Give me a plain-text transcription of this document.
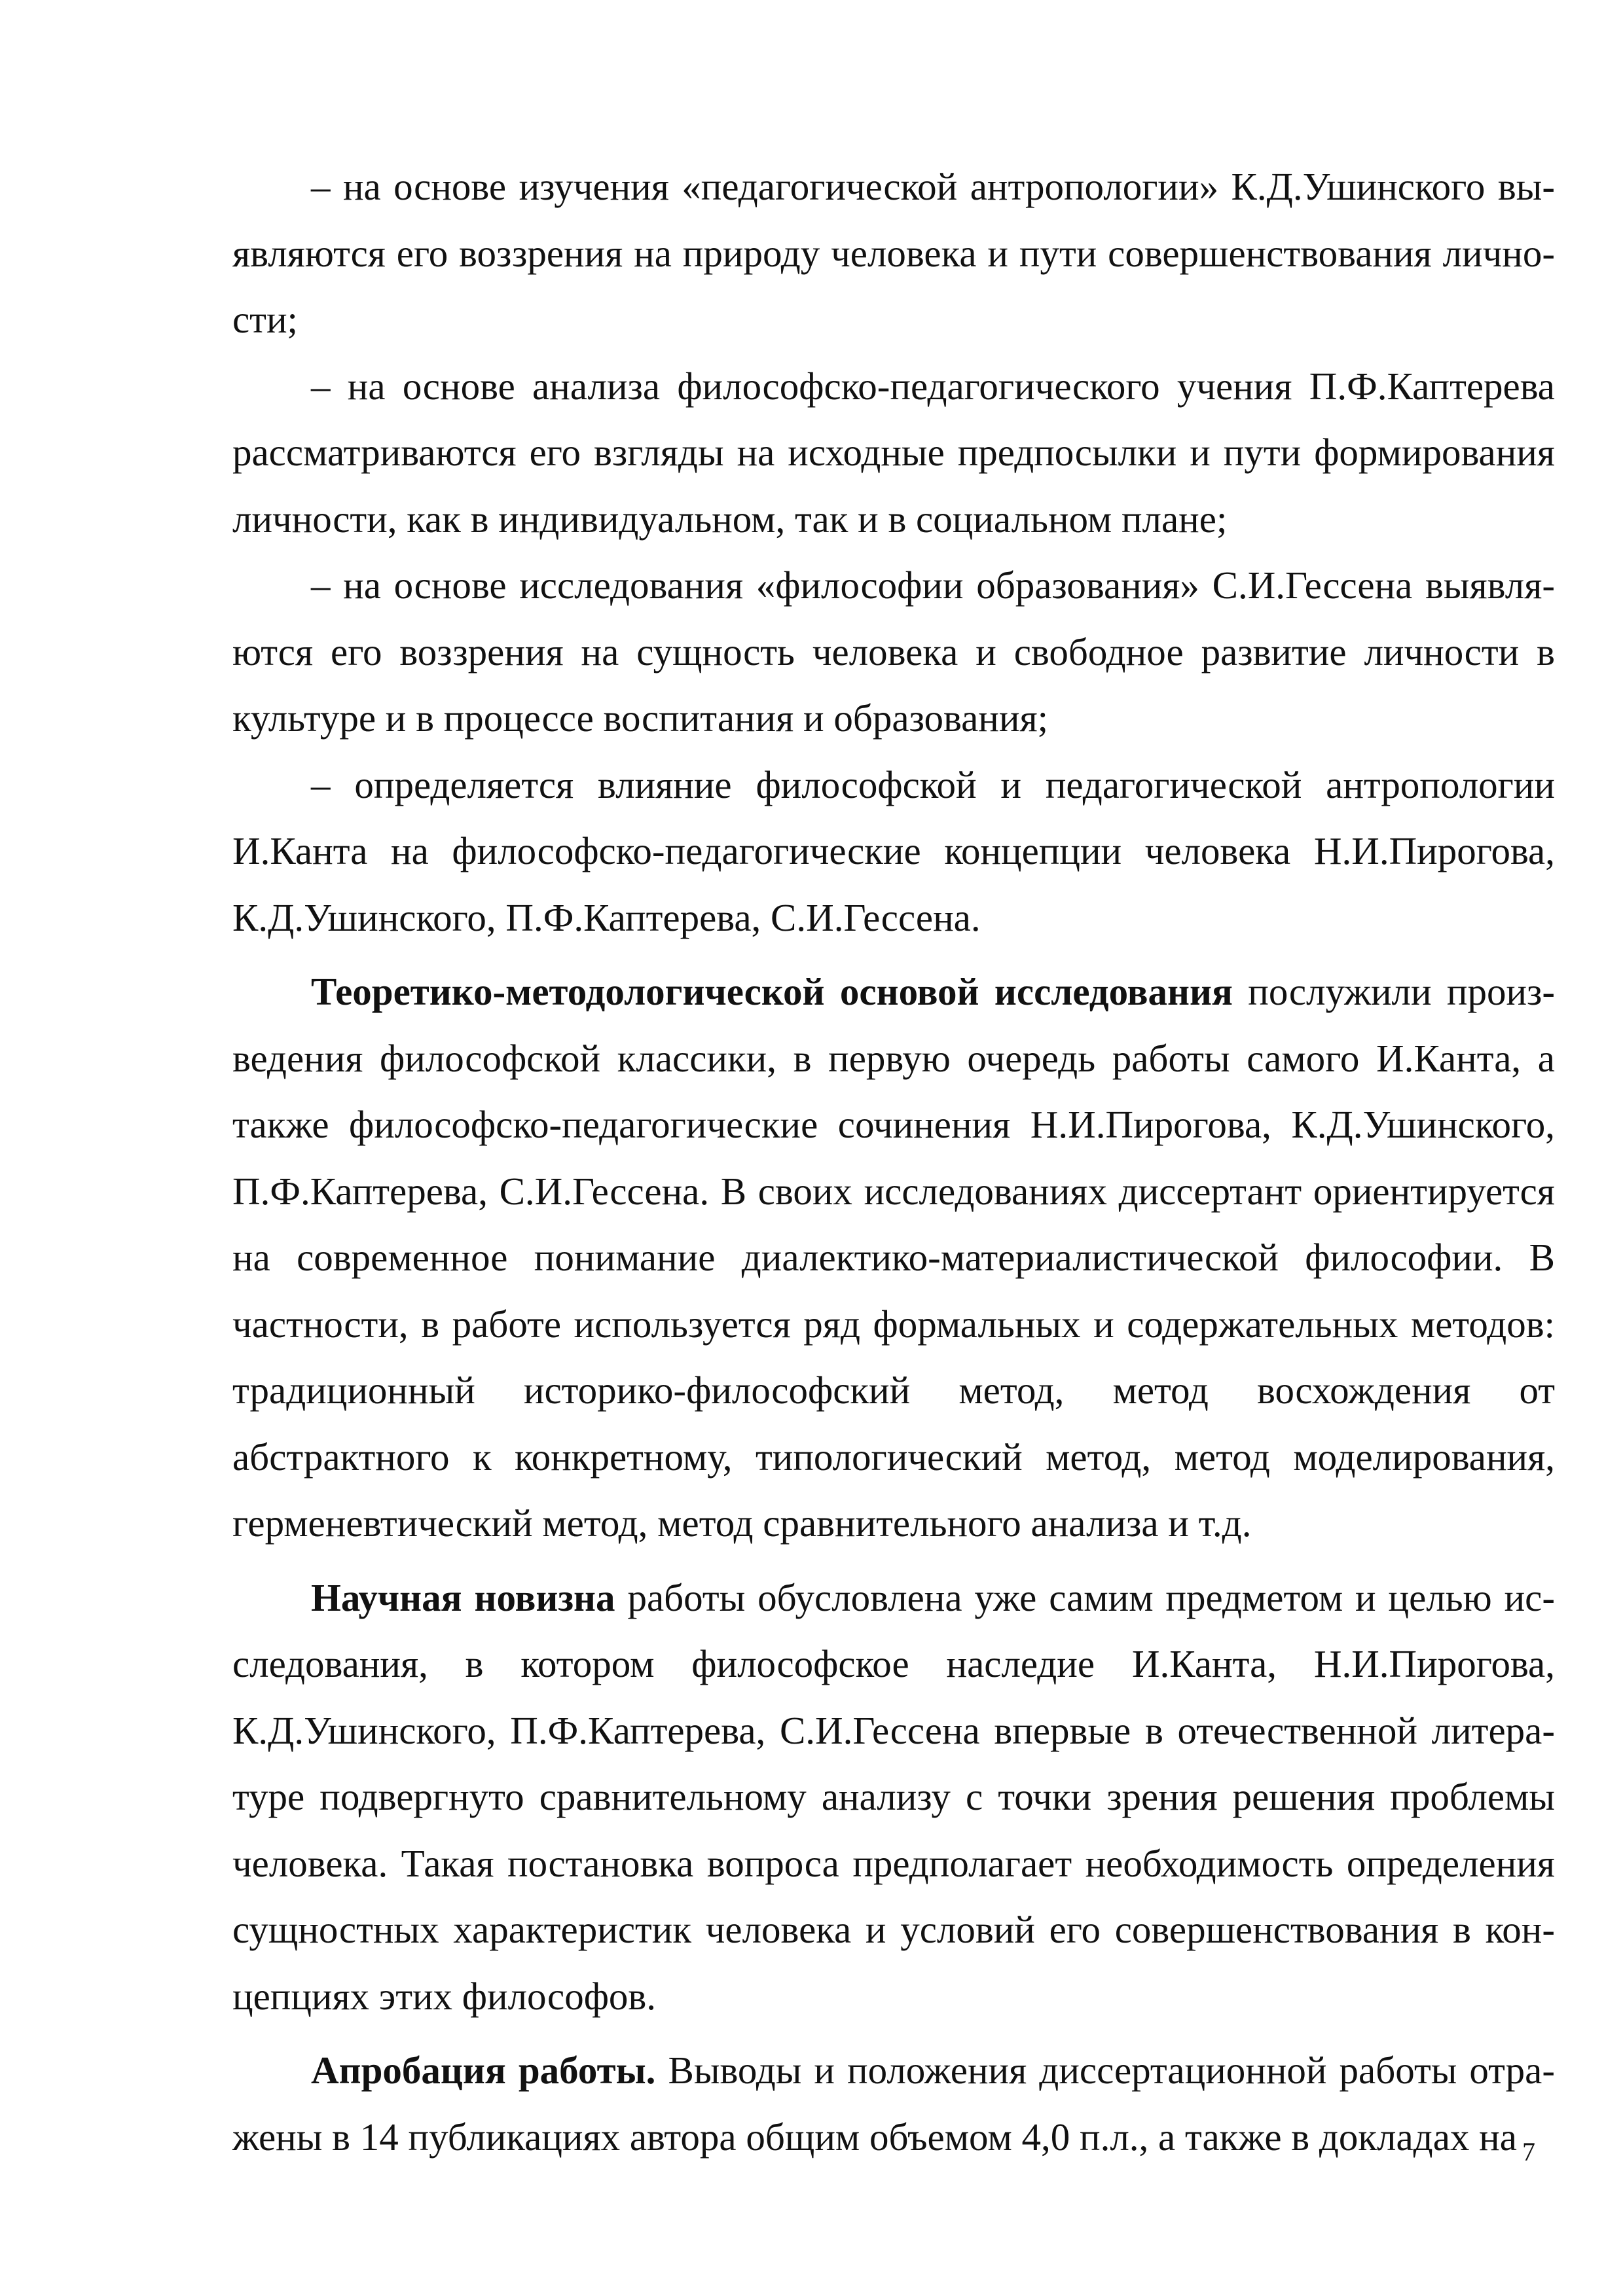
– на основе изучения «педагогической антропологии» К.Д.Ушинского выявляются его воззрения на природу человека и пути совершенствования личности;

– на основе анализа философско-педагогического учения П.Ф.Каптерева рассматриваются его взгляды на исходные предпосылки и пути формирования личности, как в индивидуальном, так и в социальном плане;

– на основе исследования «философии образования» С.И.Гессена выявляются его воззрения на сущность человека и свободное развитие личности в культуре и в процессе воспитания и образования;

– определяется влияние философской и педагогической антропологии И.Канта на философско-педагогические концепции человека Н.И.Пирогова, К.Д.Ушинского, П.Ф.Каптерева, С.И.Гессена.

Теоретико-методологической основой исследования послужили произведения философской классики, в первую очередь работы самого И.Канта, а также философско-педагогические сочинения Н.И.Пирогова, К.Д.Ушинского, П.Ф.Каптерева, С.И.Гессена. В своих исследованиях диссертант ориентируется на современное понимание диалектико-материалистической философии. В частности, в работе используется ряд формальных и содержательных методов: традиционный историко-философский метод, метод восхождения от абстрактного к конкретному, типологический метод, метод моделирования, герменевтический метод, метод сравнительного анализа и т.д.

Научная новизна работы обусловлена уже самим предметом и целью исследования, в котором философское наследие И.Канта, Н.И.Пирогова, К.Д.Ушинского, П.Ф.Каптерева, С.И.Гессена впервые в отечественной литературе подвергнуто сравнительному анализу с точки зрения решения проблемы человека. Такая постановка вопроса предполагает необходимость определения сущностных характеристик человека и условий его совершенствования в концепциях этих философов.

Апробация работы. Выводы и положения диссертационной работы отражены в 14 публикациях автора общим объемом 4,0 п.л., а также в докладах на 7
